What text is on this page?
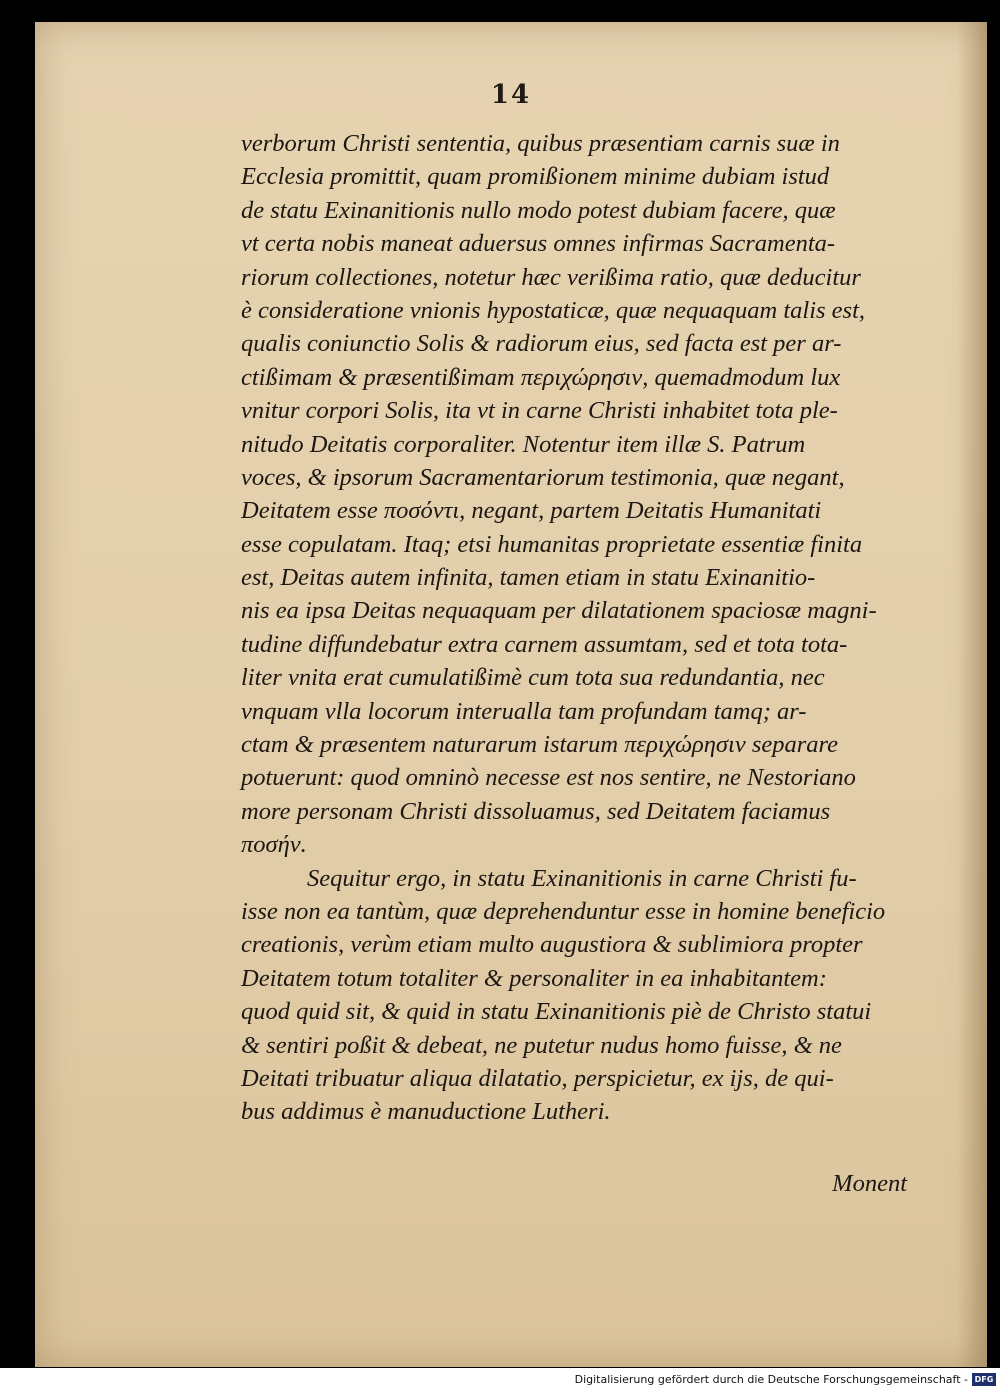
14
verborum Christi sententia, quibus præsentiam carnis suæ in
Ecclesia promittit, quam promißionem minime dubiam istud
de statu Exinanitionis nullo modo potest dubiam facere, quæ
vt certa nobis maneat aduersus omnes infirmas Sacramenta-
riorum collectiones, notetur hæc verißima ratio, quæ deducitur
è consideratione vnionis hypostaticæ, quæ nequaquam talis est,
qualis coniunctio Solis & radiorum eius, sed facta est per ar-
ctißimam & præsentißimam περιχώρησιν, quemadmodum lux
vnitur corpori Solis, ita vt in carne Christi inhabitet tota ple-
nitudo Deitatis corporaliter. Notentur item illæ S. Patrum
voces, & ipsorum Sacramentariorum testimonia, quæ negant,
Deitatem esse ποσόντι, negant, partem Deitatis Humanitati
esse copulatam. Itaq; etsi humanitas proprietate essentiæ finita
est, Deitas autem infinita, tamen etiam in statu Exinanitio-
nis ea ipsa Deitas nequaquam per dilatationem spaciosæ magni-
tudine diffundebatur extra carnem assumtam, sed et tota tota-
liter vnita erat cumulatißimè cum tota sua redundantia, nec
vnquam vlla locorum interualla tam profundam tamq; ar-
ctam & præsentem naturarum istarum περιχώρησιν separare
potuerunt: quod omninò necesse est nos sentire, ne Nestoriano
more personam Christi dissoluamus, sed Deitatem faciamus
ποσήν.
Sequitur ergo, in statu Exinanitionis in carne Christi fu-
isse non ea tantùm, quæ deprehenduntur esse in homine beneficio
creationis, verùm etiam multo augustiora & sublimiora propter
Deitatem totum totaliter & personaliter in ea inhabitantem:
quod quid sit, & quid in statu Exinanitionis piè de Christo statui
& sentiri poßit & debeat, ne putetur nudus homo fuisse, & ne
Deitati tribuatur aliqua dilatatio, perspicietur, ex ijs, de qui-
bus addimus è manuductione Lutheri.
Monent
Digitalisierung gefördert durch die Deutsche Forschungsgemeinschaft - DFG
